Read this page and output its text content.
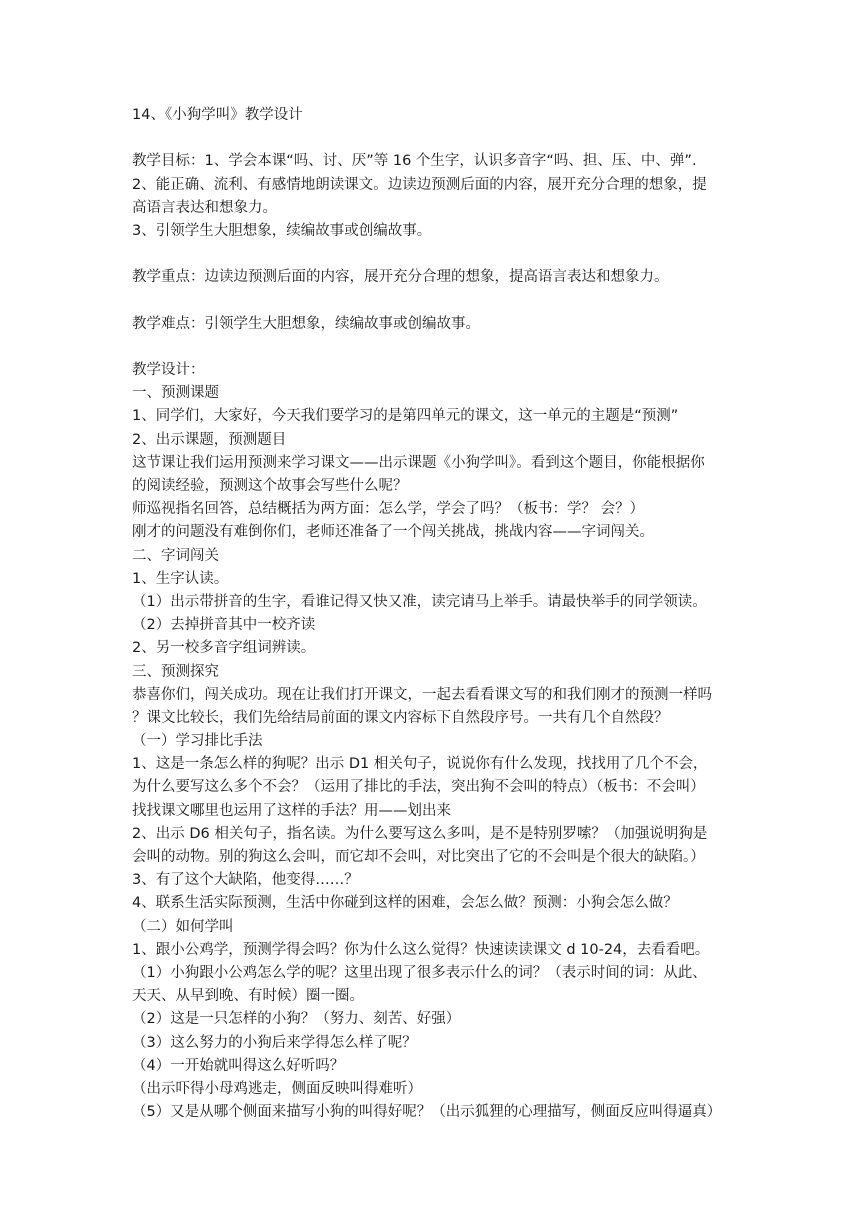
14、《小狗学叫》教学设计
教学目标：1、学会本课“吗、讨、厌”等 16 个生字，认识多音字“吗、担、压、中、弹”.
2、能正确、流利、有感情地朗读课文。边读边预测后面的内容，展开充分合理的想象，提
高语言表达和想象力。
3、引领学生大胆想象，续编故事或创编故事。
教学重点：边读边预测后面的内容，展开充分合理的想象，提高语言表达和想象力。
教学难点：引领学生大胆想象，续编故事或创编故事。
教学设计：
一、预测课题
1、同学们，大家好，今天我们要学习的是第四单元的课文，这一单元的主题是“预测”
2、出示课题，预测题目
这节课让我们运用预测来学习课文——出示课题《小狗学叫》。看到这个题目，你能根据你
的阅读经验，预测这个故事会写些什么呢？
师巡视指名回答，总结概括为两方面：怎么学，学会了吗？（板书：学？ 会？）
刚才的问题没有难倒你们，老师还准备了一个闯关挑战，挑战内容——字词闯关。
二、字词闯关
1、生字认读。
（1）出示带拼音的生字，看谁记得又快又准，读完请马上举手。请最快举手的同学领读。
（2）去掉拼音其中一校齐读
2、另一校多音字组词辨读。
三、预测探究
恭喜你们，闯关成功。现在让我们打开课文，一起去看看课文写的和我们刚才的预测一样吗
？课文比较长，我们先给结局前面的课文内容标下自然段序号。一共有几个自然段？
（一）学习排比手法
1、这是一条怎么样的狗呢？出示 D1 相关句子，说说你有什么发现，找找用了几个不会，
为什么要写这么多个不会？（运用了排比的手法，突出狗不会叫的特点）（板书：不会叫）
找找课文哪里也运用了这样的手法？用——划出来
2、出示 D6 相关句子，指名读。为什么要写这么多叫，是不是特别罗嗦？（加强说明狗是
会叫的动物。别的狗这么会叫，而它却不会叫，对比突出了它的不会叫是个很大的缺陷。）
3、有了这个大缺陷，他变得……？
4、联系生活实际预测，生活中你碰到这样的困难，会怎么做？预测：小狗会怎么做？
（二）如何学叫
1、跟小公鸡学，预测学得会吗？你为什么这么觉得？快速读读课文 d 10-24，去看看吧。
（1）小狗跟小公鸡怎么学的呢？这里出现了很多表示什么的词？（表示时间的词：从此、
天天、从早到晚、有时候）圈一圈。
（2）这是一只怎样的小狗？（努力、刻苦、好强）
（3）这么努力的小狗后来学得怎么样了呢？
（4）一开始就叫得这么好听吗？
（出示吓得小母鸡逃走，侧面反映叫得难听）
（5）又是从哪个侧面来描写小狗的叫得好呢？（出示狐狸的心理描写，侧面反应叫得逼真）
